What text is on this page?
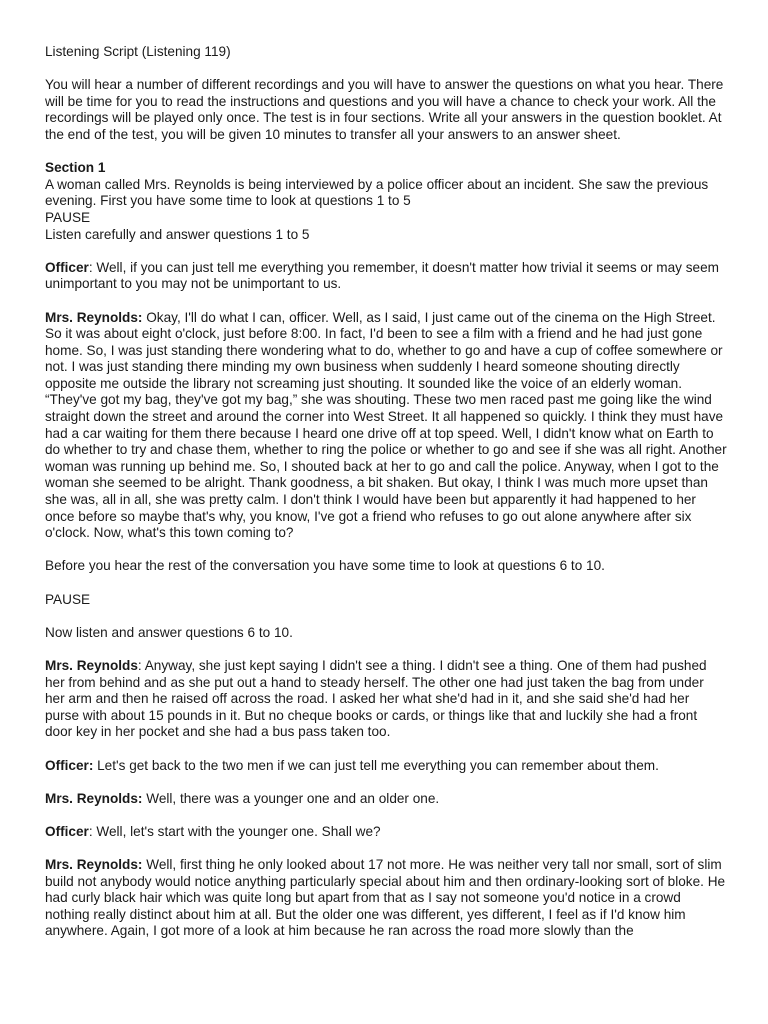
Listening Script (Listening 119)

You will hear a number of different recordings and you will have to answer the questions on what you hear. There will be time for you to read the instructions and questions and you will have a chance to check your work. All the recordings will be played only once. The test is in four sections. Write all your answers in the question booklet. At the end of the test, you will be given 10 minutes to transfer all your answers to an answer sheet.

Section 1
A woman called Mrs. Reynolds is being interviewed by a police officer about an incident. She saw the previous evening. First you have some time to look at questions 1 to 5
PAUSE
Listen carefully and answer questions 1 to 5

Officer: Well, if you can just tell me everything you remember, it doesn't matter how trivial it seems or may seem unimportant to you may not be unimportant to us.

Mrs. Reynolds: Okay, I'll do what I can, officer. Well, as I said, I just came out of the cinema on the High Street. So it was about eight o'clock, just before 8:00. In fact, I'd been to see a film with a friend and he had just gone home. So, I was just standing there wondering what to do, whether to go and have a cup of coffee somewhere or not. I was just standing there minding my own business when suddenly I heard someone shouting directly opposite me outside the library not screaming just shouting. It sounded like the voice of an elderly woman. “They've got my bag, they've got my bag,” she was shouting. These two men raced past me going like the wind straight down the street and around the corner into West Street. It all happened so quickly. I think they must have had a car waiting for them there because I heard one drive off at top speed. Well, I didn't know what on Earth to do whether to try and chase them, whether to ring the police or whether to go and see if she was all right. Another woman was running up behind me. So, I shouted back at her to go and call the police. Anyway, when I got to the woman she seemed to be alright. Thank goodness, a bit shaken. But okay, I think I was much more upset than she was, all in all, she was pretty calm. I don't think I would have been but apparently it had happened to her once before so maybe that's why, you know, I've got a friend who refuses to go out alone anywhere after six o'clock. Now, what's this town coming to?

Before you hear the rest of the conversation you have some time to look at questions 6 to 10.

PAUSE

Now listen and answer questions 6 to 10.

Mrs. Reynolds: Anyway, she just kept saying I didn't see a thing. I didn't see a thing. One of them had pushed her from behind and as she put out a hand to steady herself. The other one had just taken the bag from under her arm and then he raised off across the road. I asked her what she'd had in it, and she said she'd had her purse with about 15 pounds in it. But no cheque books or cards, or things like that and luckily she had a front door key in her pocket and she had a bus pass taken too.

Officer: Let's get back to the two men if we can just tell me everything you can remember about them.

Mrs. Reynolds: Well, there was a younger one and an older one.

Officer: Well, let's start with the younger one. Shall we?

Mrs. Reynolds: Well, first thing he only looked about 17 not more. He was neither very tall nor small, sort of slim build not anybody would notice anything particularly special about him and then ordinary-looking sort of bloke. He had curly black hair which was quite long but apart from that as I say not someone you'd notice in a crowd nothing really distinct about him at all. But the older one was different, yes different, I feel as if I'd know him anywhere. Again, I got more of a look at him because he ran across the road more slowly than the
